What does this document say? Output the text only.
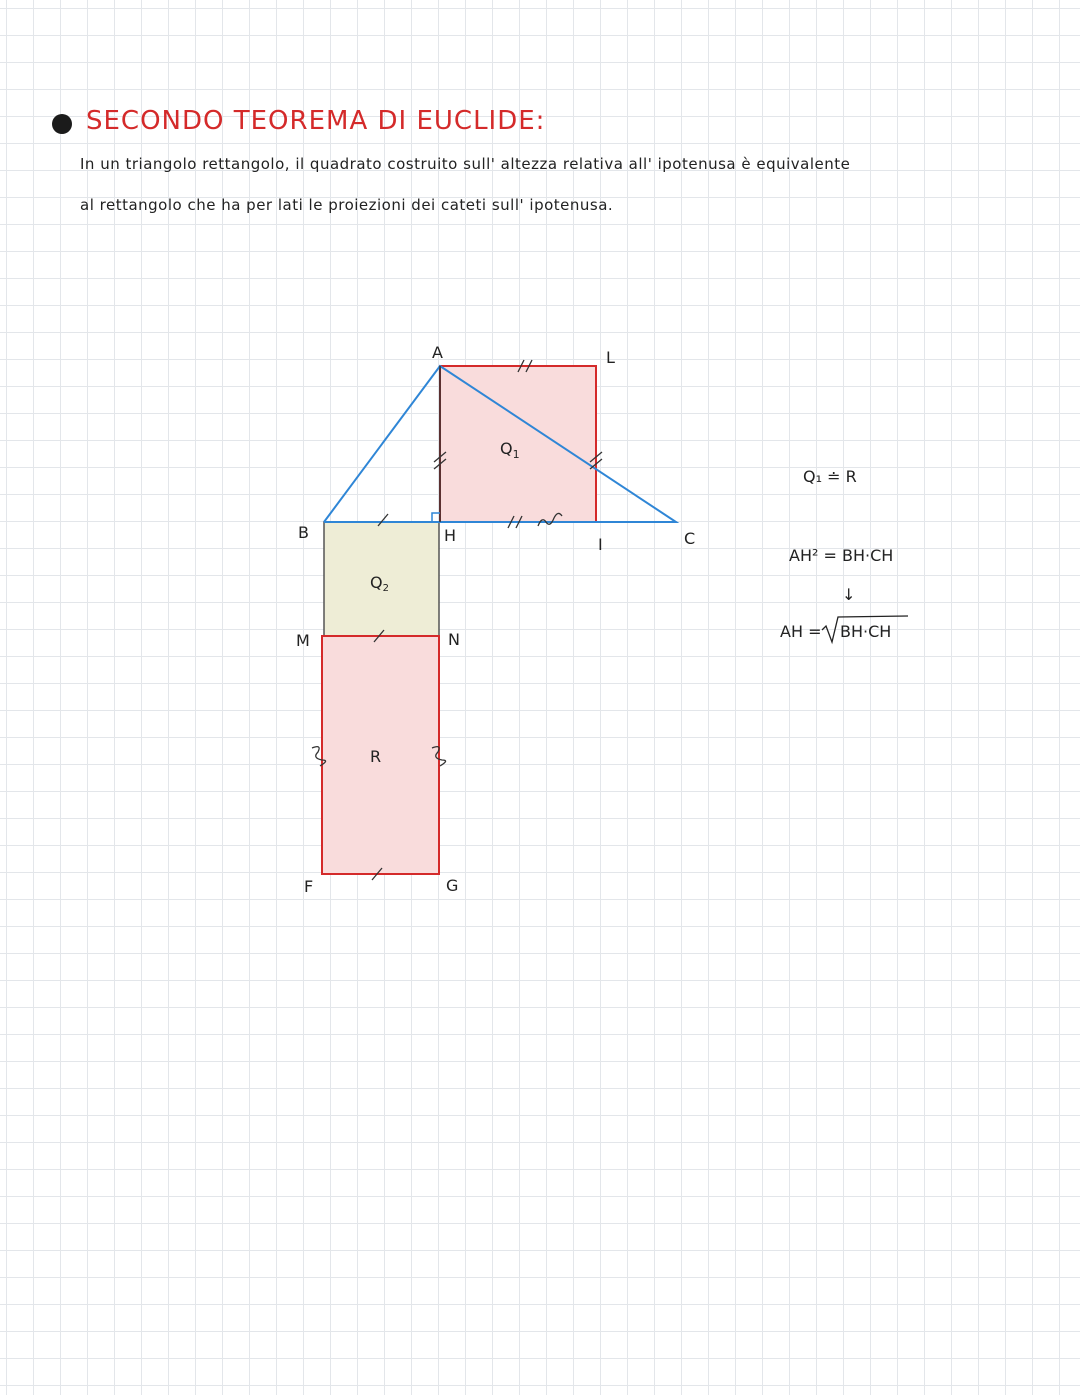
SECONDO TEOREMA DI EUCLIDE:
In un triangolo rettangolo, il quadrato costruito sull' altezza relativa all' ipotenusa è equivalente
al rettangolo che ha per lati le proiezioni dei cateti sull' ipotenusa.
A	L
B	H	I	C
M	N
F	G
$Q_1$
Q2
R
Q₁ ≐ R
AH² = BH·CH
↓
AH = BH·CH
